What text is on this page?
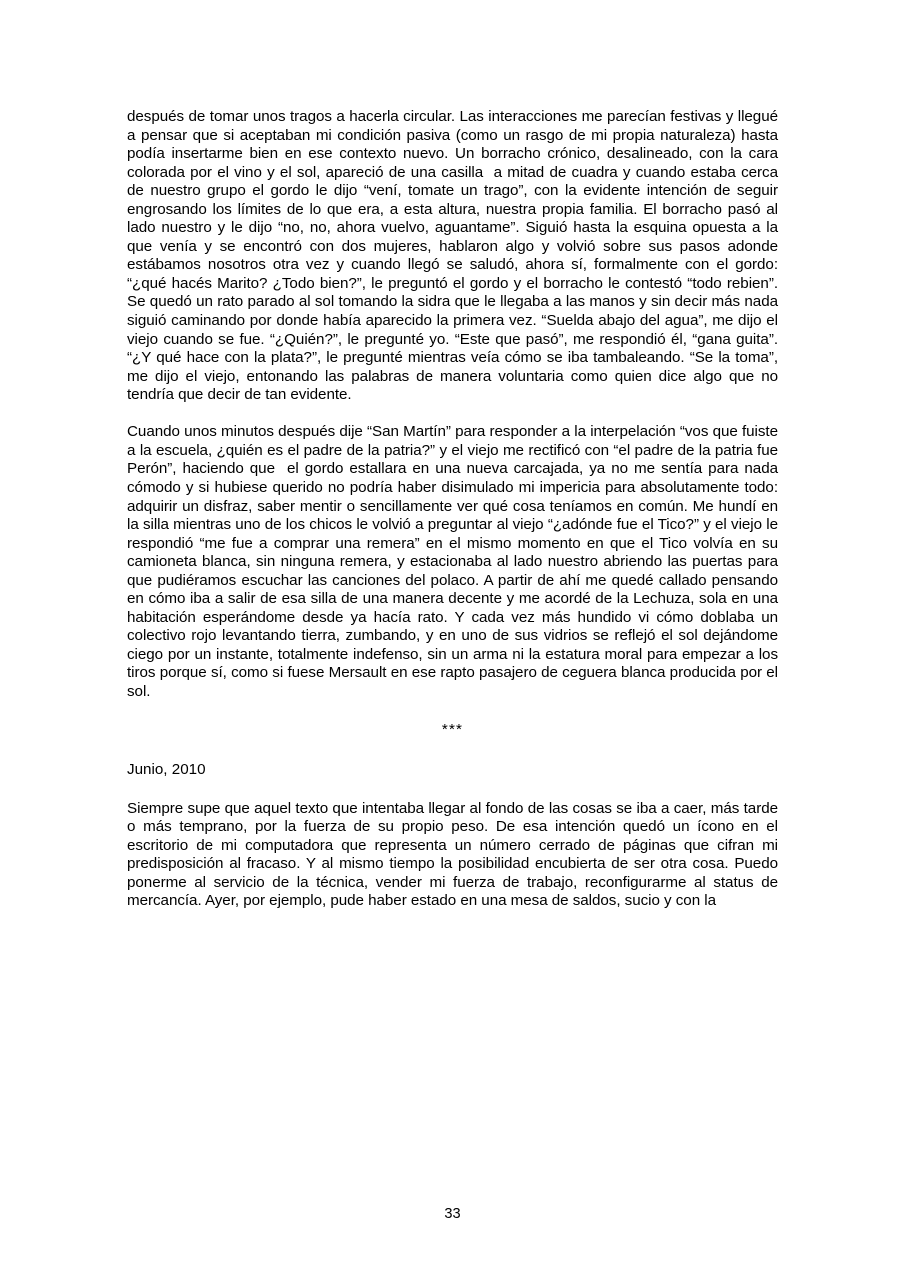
después de tomar unos tragos a hacerla circular. Las interacciones me parecían festivas y llegué a pensar que si aceptaban mi condición pasiva (como un rasgo de mi propia naturaleza) hasta podía insertarme bien en ese contexto nuevo. Un borracho crónico, desalineado, con la cara colorada por el vino y el sol, apareció de una casilla  a mitad de cuadra y cuando estaba cerca de nuestro grupo el gordo le dijo “vení, tomate un trago”, con la evidente intención de seguir engrosando los límites de lo que era, a esta altura, nuestra propia familia. El borracho pasó al lado nuestro y le dijo “no, no, ahora vuelvo, aguantame”. Siguió hasta la esquina opuesta a la que venía y se encontró con dos mujeres, hablaron algo y volvió sobre sus pasos adonde estábamos nosotros otra vez y cuando llegó se saludó, ahora sí, formalmente con el gordo: “¿qué hacés Marito? ¿Todo bien?”, le preguntó el gordo y el borracho le contestó “todo rebien”. Se quedó un rato parado al sol tomando la sidra que le llegaba a las manos y sin decir más nada siguió caminando por donde había aparecido la primera vez. “Suelda abajo del agua”, me dijo el viejo cuando se fue. “¿Quién?”, le pregunté yo. “Este que pasó”, me respondió él, “gana guita”. “¿Y qué hace con la plata?”, le pregunté mientras veía cómo se iba tambaleando. “Se la toma”, me dijo el viejo, entonando las palabras de manera voluntaria como quien dice algo que no tendría que decir de tan evidente.

Cuando unos minutos después dije “San Martín” para responder a la interpelación “vos que fuiste a la escuela, ¿quién es el padre de la patria?” y el viejo me rectificó con “el padre de la patria fue Perón”, haciendo que  el gordo estallara en una nueva carcajada, ya no me sentía para nada cómodo y si hubiese querido no podría haber disimulado mi impericia para absolutamente todo: adquirir un disfraz, saber mentir o sencillamente ver qué cosa teníamos en común. Me hundí en la silla mientras uno de los chicos le volvió a preguntar al viejo “¿adónde fue el Tico?” y el viejo le respondió “me fue a comprar una remera” en el mismo momento en que el Tico volvía en su camioneta blanca, sin ninguna remera, y estacionaba al lado nuestro abriendo las puertas para que pudiéramos escuchar las canciones del polaco. A partir de ahí me quedé callado pensando en cómo iba a salir de esa silla de una manera decente y me acordé de la Lechuza, sola en una habitación esperándome desde ya hacía rato. Y cada vez más hundido vi cómo doblaba un colectivo rojo levantando tierra, zumbando, y en uno de sus vidrios se reflejó el sol dejándome ciego por un instante, totalmente indefenso, sin un arma ni la estatura moral para empezar a los tiros porque sí, como si fuese Mersault en ese rapto pasajero de ceguera blanca producida por el sol.

***

Junio, 2010

Siempre supe que aquel texto que intentaba llegar al fondo de las cosas se iba a caer, más tarde o más temprano, por la fuerza de su propio peso. De esa intención quedó un ícono en el escritorio de mi computadora que representa un número cerrado de páginas que cifran mi predisposición al fracaso. Y al mismo tiempo la posibilidad encubierta de ser otra cosa. Puedo ponerme al servicio de la técnica, vender mi fuerza de trabajo, reconfigurarme al status de mercancía. Ayer, por ejemplo, pude haber estado en una mesa de saldos, sucio y con la

33
